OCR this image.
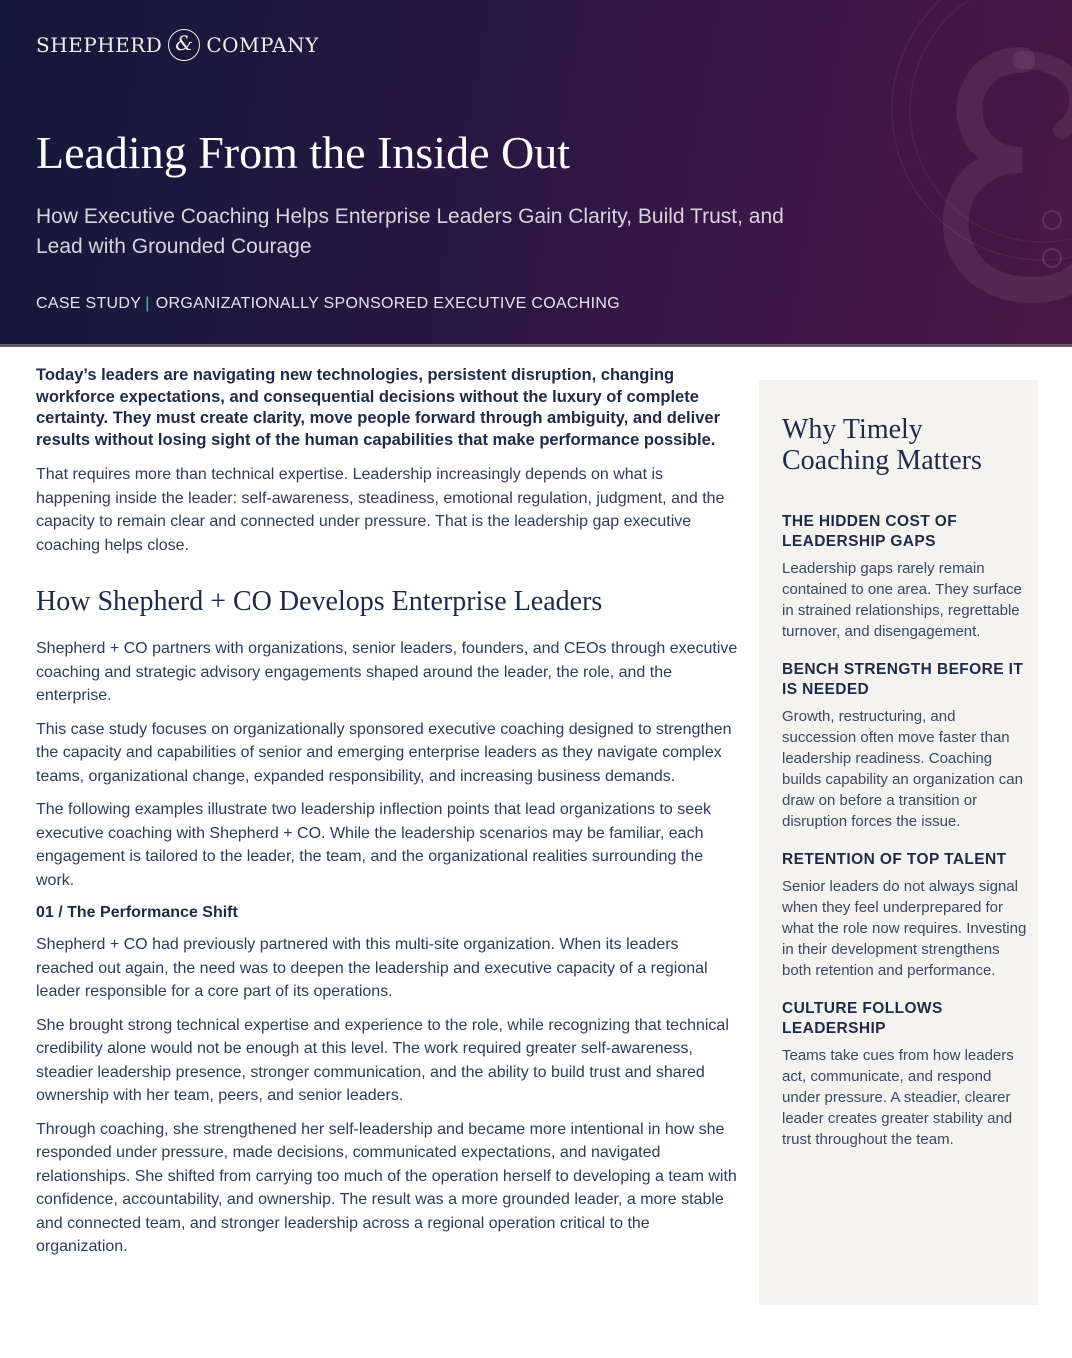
SHEPHERD & COMPANY
Leading From the Inside Out

How Executive Coaching Helps Enterprise Leaders Gain Clarity, Build Trust, and Lead with Grounded Courage

CASE STUDY | ORGANIZATIONALLY SPONSORED EXECUTIVE COACHING

Today’s leaders are navigating new technologies, persistent disruption, changing workforce expectations, and consequential decisions without the luxury of complete certainty. They must create clarity, move people forward through ambiguity, and deliver results without losing sight of the human capabilities that make performance possible.

That requires more than technical expertise. Leadership increasingly depends on what is happening inside the leader: self-awareness, steadiness, emotional regulation, judgment, and the capacity to remain clear and connected under pressure. That is the leadership gap executive coaching helps close.

How Shepherd + CO Develops Enterprise Leaders

Shepherd + CO partners with organizations, senior leaders, founders, and CEOs through executive coaching and strategic advisory engagements shaped around the leader, the role, and the enterprise.

This case study focuses on organizationally sponsored executive coaching designed to strengthen the capacity and capabilities of senior and emerging enterprise leaders as they navigate complex teams, organizational change, expanded responsibility, and increasing business demands.

The following examples illustrate two leadership inflection points that lead organizations to seek executive coaching with Shepherd + CO. While the leadership scenarios may be familiar, each engagement is tailored to the leader, the team, and the organizational realities surrounding the work.

01 / The Performance Shift

Shepherd + CO had previously partnered with this multi-site organization. When its leaders reached out again, the need was to deepen the leadership and executive capacity of a regional leader responsible for a core part of its operations.

She brought strong technical expertise and experience to the role, while recognizing that technical credibility alone would not be enough at this level. The work required greater self-awareness, steadier leadership presence, stronger communication, and the ability to build trust and shared ownership with her team, peers, and senior leaders.

Through coaching, she strengthened her self-leadership and became more intentional in how she responded under pressure, made decisions, communicated expectations, and navigated relationships. She shifted from carrying too much of the operation herself to developing a team with confidence, accountability, and ownership. The result was a more grounded leader, a more stable and connected team, and stronger leadership across a regional operation critical to the organization.

Why Timely Coaching Matters
THE HIDDEN COST OF LEADERSHIP GAPS

Leadership gaps rarely remain contained to one area. They surface in strained relationships, regrettable turnover, and disengagement.

BENCH STRENGTH BEFORE IT IS NEEDED

Growth, restructuring, and succession often move faster than leadership readiness. Coaching builds capability an organization can draw on before a transition or disruption forces the issue.

RETENTION OF TOP TALENT

Senior leaders do not always signal when they feel underprepared for what the role now requires. Investing in their development strengthens both retention and performance.

CULTURE FOLLOWS LEADERSHIP

Teams take cues from how leaders act, communicate, and respond under pressure. A steadier, clearer leader creates greater stability and trust throughout the team.
